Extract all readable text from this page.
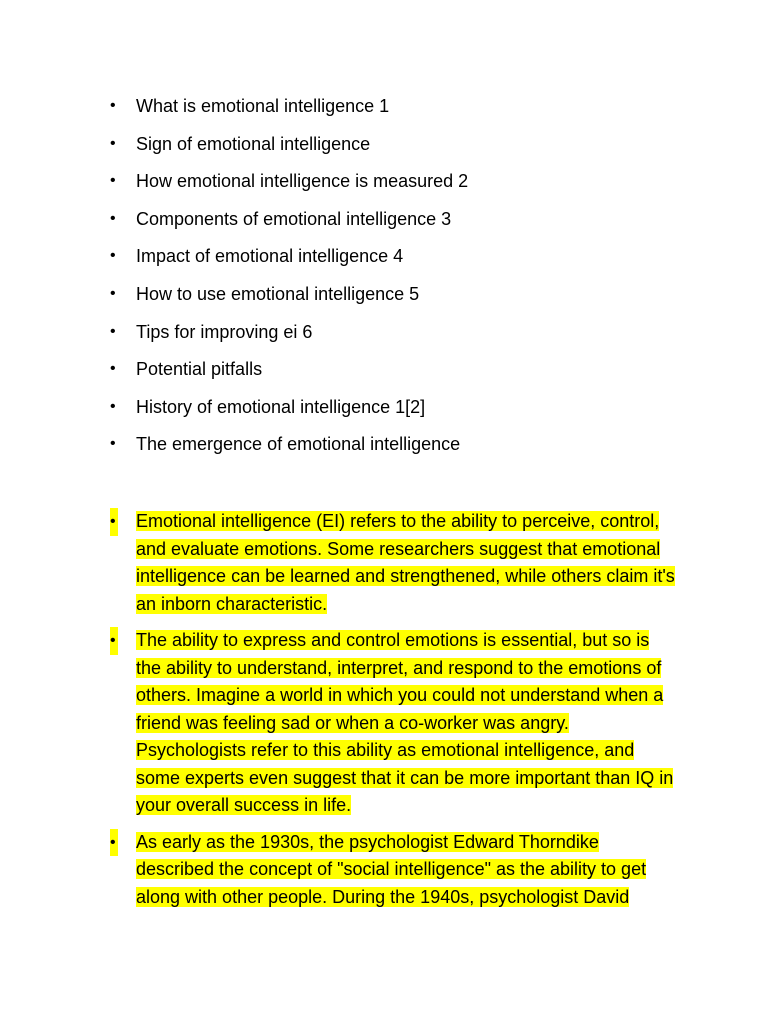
• What is emotional intelligence 1
• Sign of emotional intelligence
• How emotional intelligence is measured 2
• Components of emotional intelligence 3
• Impact of emotional intelligence 4
• How to use emotional intelligence 5
• Tips for improving ei 6
• Potential pitfalls
• History of emotional intelligence 1[2]
• The emergence of emotional intelligence
• Emotional intelligence (EI) refers to the ability to perceive, control, and evaluate emotions. Some researchers suggest that emotional intelligence can be learned and strengthened, while others claim it's an inborn characteristic.
• The ability to express and control emotions is essential, but so is the ability to understand, interpret, and respond to the emotions of others. Imagine a world in which you could not understand when a friend was feeling sad or when a co-worker was angry. Psychologists refer to this ability as emotional intelligence, and some experts even suggest that it can be more important than IQ in your overall success in life.
• As early as the 1930s, the psychologist Edward Thorndike described the concept of "social intelligence" as the ability to get along with other people. During the 1940s, psychologist David
